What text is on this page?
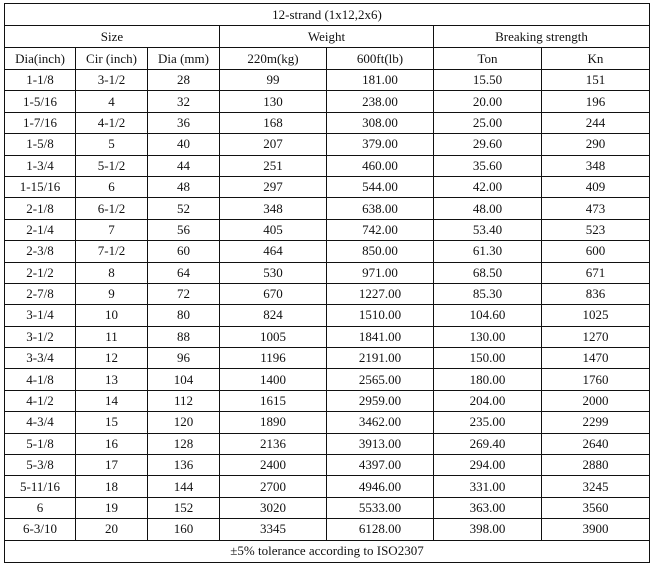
12-strand (1x12,2x6)						
Size			Weight		Breaking strength	
Dia(inch)	Cir (inch)	Dia (mm)	220m(kg)	600ft(lb)	Ton	Kn
1-1/8	3-1/2	28	99	181.00	15.50	151
1-5/16	4	32	130	238.00	20.00	196
1-7/16	4-1/2	36	168	308.00	25.00	244
1-5/8	5	40	207	379.00	29.60	290
1-3/4	5-1/2	44	251	460.00	35.60	348
1-15/16	6	48	297	544.00	42.00	409
2-1/8	6-1/2	52	348	638.00	48.00	473
2-1/4	7	56	405	742.00	53.40	523
2-3/8	7-1/2	60	464	850.00	61.30	600
2-1/2	8	64	530	971.00	68.50	671
2-7/8	9	72	670	1227.00	85.30	836
3-1/4	10	80	824	1510.00	104.60	1025
3-1/2	11	88	1005	1841.00	130.00	1270
3-3/4	12	96	1196	2191.00	150.00	1470
4-1/8	13	104	1400	2565.00	180.00	1760
4-1/2	14	112	1615	2959.00	204.00	2000
4-3/4	15	120	1890	3462.00	235.00	2299
5-1/8	16	128	2136	3913.00	269.40	2640
5-3/8	17	136	2400	4397.00	294.00	2880
5-11/16	18	144	2700	4946.00	331.00	3245
6	19	152	3020	5533.00	363.00	3560
6-3/10	20	160	3345	6128.00	398.00	3900
±5% tolerance according to ISO2307						
